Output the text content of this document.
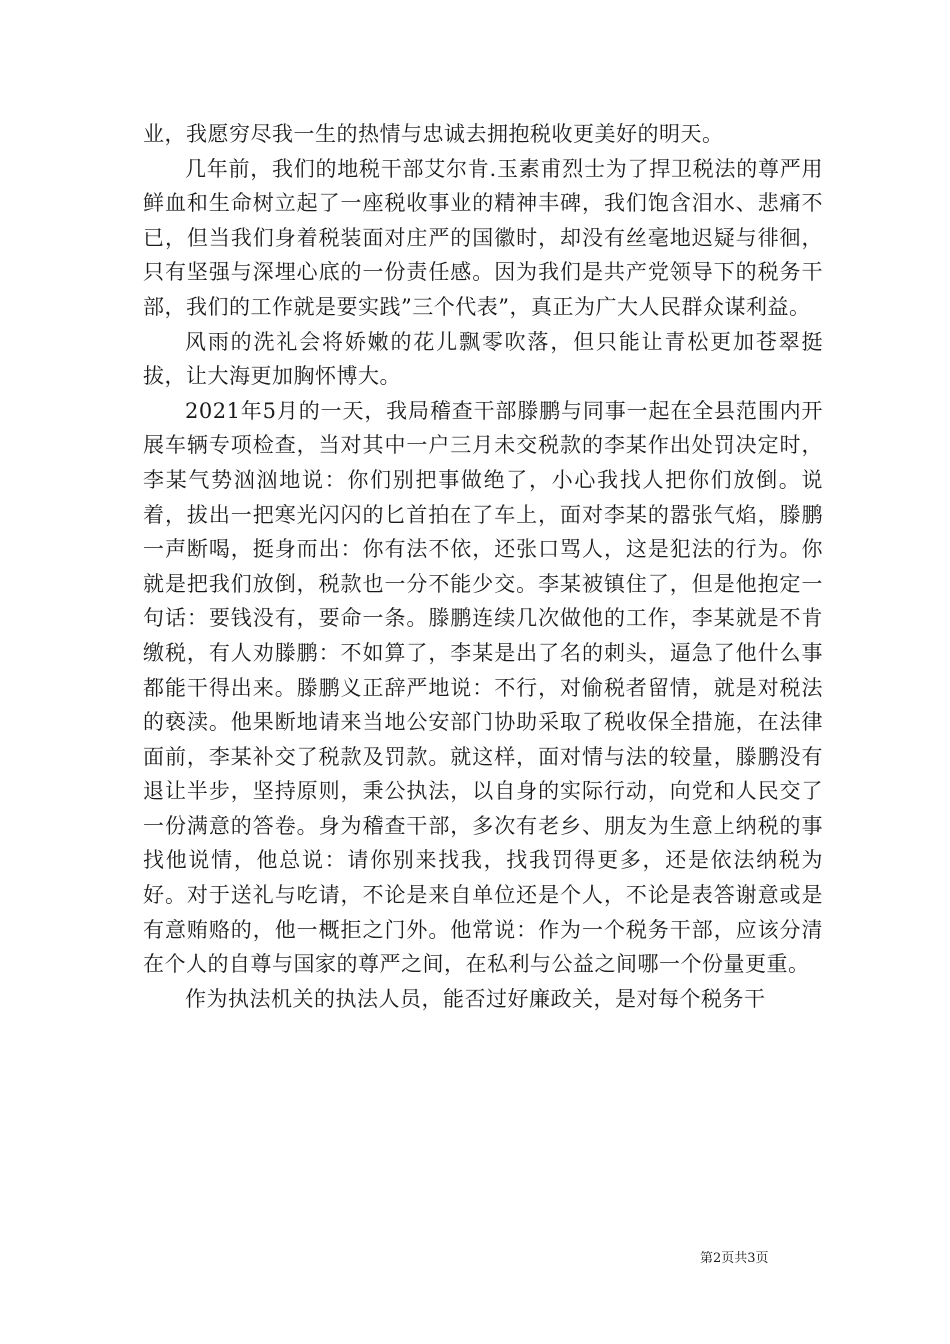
业，我愿穷尽我一生的热情与忠诚去拥抱税收更美好的明天。

几年前，我们的地税干部艾尔肯.玉素甫烈士为了捍卫税法的尊严用鲜血和生命树立起了一座税收事业的精神丰碑，我们饱含泪水、悲痛不已，但当我们身着税装面对庄严的国徽时，却没有丝毫地迟疑与徘徊，只有坚强与深埋心底的一份责任感。因为我们是共产党领导下的税务干部，我们的工作就是要实践”三个代表”，真正为广大人民群众谋利益。

风雨的洗礼会将娇嫩的花儿飘零吹落，但只能让青松更加苍翠挺拔，让大海更加胸怀博大。

2021年5月的一天，我局稽查干部滕鹏与同事一起在全县范围内开展车辆专项检查，当对其中一户三月未交税款的李某作出处罚决定时，李某气势汹汹地说：你们别把事做绝了，小心我找人把你们放倒。说着，拔出一把寒光闪闪的匕首拍在了车上，面对李某的嚣张气焰，滕鹏一声断喝，挺身而出：你有法不依，还张口骂人，这是犯法的行为。你就是把我们放倒，税款也一分不能少交。李某被镇住了，但是他抱定一句话：要钱没有，要命一条。滕鹏连续几次做他的工作，李某就是不肯缴税，有人劝滕鹏：不如算了，李某是出了名的刺头，逼急了他什么事都能干得出来。滕鹏义正辞严地说：不行，对偷税者留情，就是对税法的亵渎。他果断地请来当地公安部门协助采取了税收保全措施，在法律面前，李某补交了税款及罚款。就这样，面对情与法的较量，滕鹏没有退让半步，坚持原则，秉公执法，以自身的实际行动，向党和人民交了一份满意的答卷。身为稽查干部，多次有老乡、朋友为生意上纳税的事找他说情，他总说：请你别来找我，找我罚得更多，还是依法纳税为好。对于送礼与吃请，不论是来自单位还是个人，不论是表答谢意或是有意贿赂的，他一概拒之门外。他常说：作为一个税务干部，应该分清在个人的自尊与国家的尊严之间，在私利与公益之间哪一个份量更重。

作为执法机关的执法人员，能否过好廉政关，是对每个税务干

第2页共3页
